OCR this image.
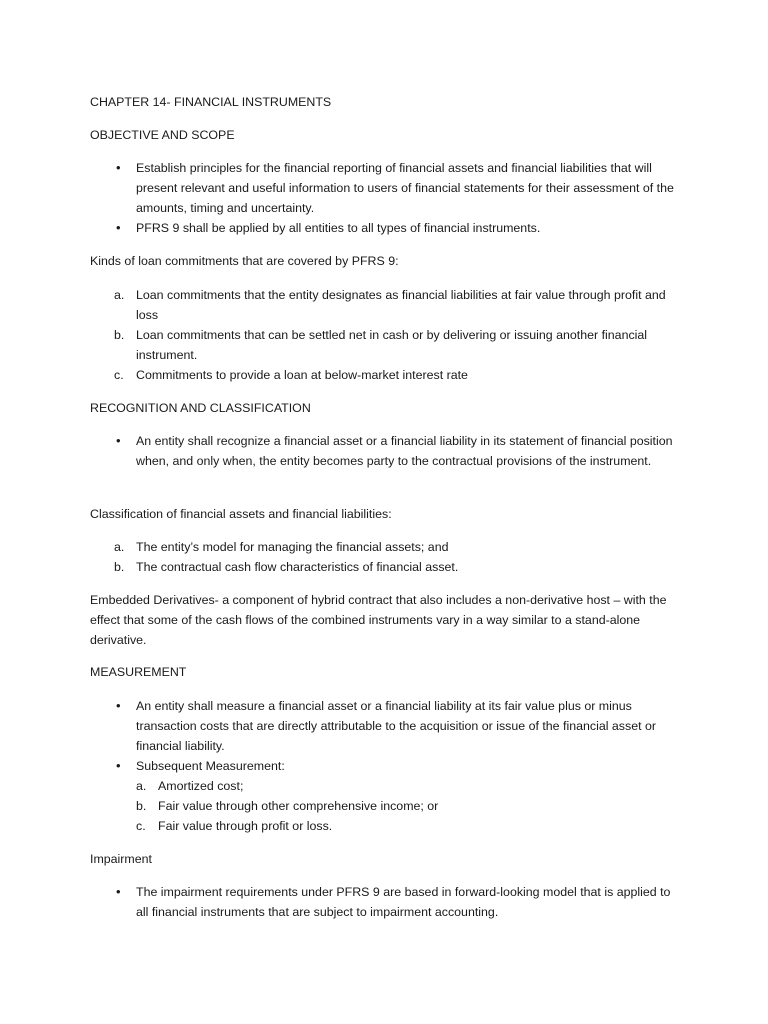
CHAPTER 14- FINANCIAL INSTRUMENTS

OBJECTIVE AND SCOPE

•	Establish principles for the financial reporting of financial assets and financial liabilities that will present relevant and useful information to users of financial statements for their assessment of the amounts, timing and uncertainty.
•	PFRS 9 shall be applied by all entities to all types of financial instruments.

Kinds of loan commitments that are covered by PFRS 9:

a. Loan commitments that the entity designates as financial liabilities at fair value through profit and loss
b. Loan commitments that can be settled net in cash or by delivering or issuing another financial instrument.
c. Commitments to provide a loan at below-market interest rate

RECOGNITION AND CLASSIFICATION

•	An entity shall recognize a financial asset or a financial liability in its statement of financial position when, and only when, the entity becomes party to the contractual provisions of the instrument.

Classification of financial assets and financial liabilities:

a. The entity’s model for managing the financial assets; and
b. The contractual cash flow characteristics of financial asset.

Embedded Derivatives- a component of hybrid contract that also includes a non-derivative host – with the effect that some of the cash flows of the combined instruments vary in a way similar to a stand-alone derivative.

MEASUREMENT

•	An entity shall measure a financial asset or a financial liability at its fair value plus or minus transaction costs that are directly attributable to the acquisition or issue of the financial asset or financial liability.
•	Subsequent Measurement:
a. Amortized cost;
b. Fair value through other comprehensive income; or
c. Fair value through profit or loss.

Impairment

•	The impairment requirements under PFRS 9 are based in forward-looking model that is applied to all financial instruments that are subject to impairment accounting.
